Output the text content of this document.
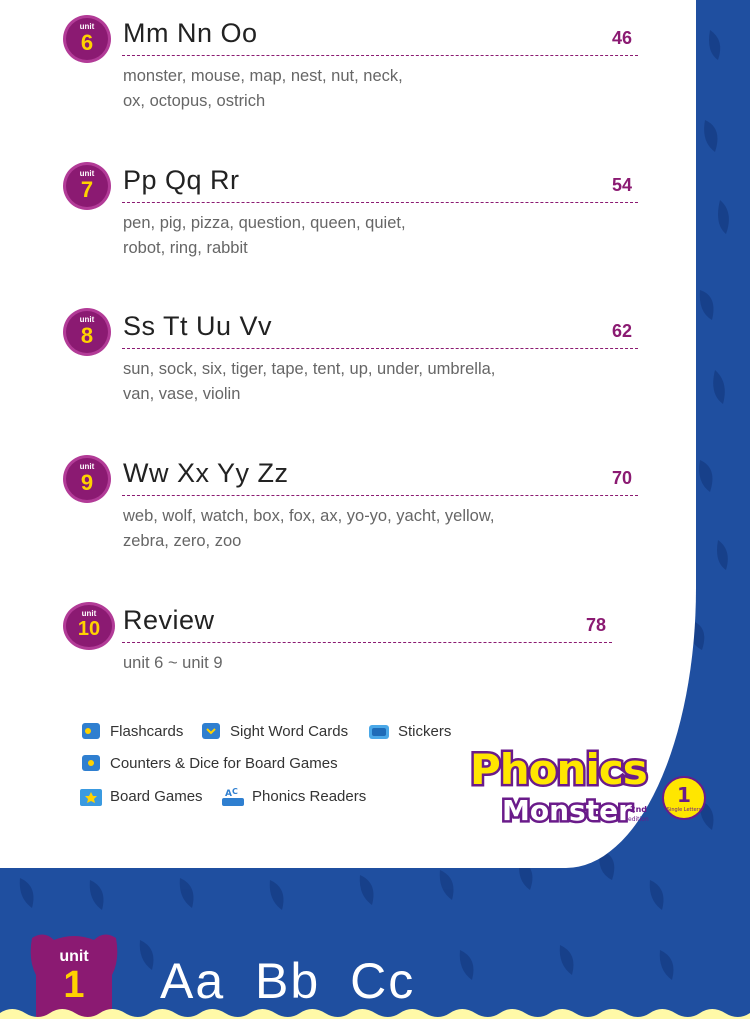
unit
6	Mm Nn Oo	46
monster, mouse, map, nest, nut, neck,
ox, octopus, ostrich
unit
7	Pp Qq Rr	54
pen, pig, pizza, question, queen, quiet,
robot, ring, rabbit
unit
8	Ss Tt Uu Vv	62
sun, sock, six, tiger, tape, tent, up, under, umbrella,
van, vase, violin
unit
9	Ww Xx Yy Zz	70
web, wolf, watch, box, fox, ax, yo-yo, yacht, yellow,
zebra, zero, zoo
unit
10 Review	78
unit 6 ~ unit 9
Flashcards	Sight Word Cards	Stickers
Counters & Dice for Board Games
Board Games A C Phonics Readers
Phonics
Monster
2nd
edition
1
Single Letters
unit
1	Aa Bb Cc
